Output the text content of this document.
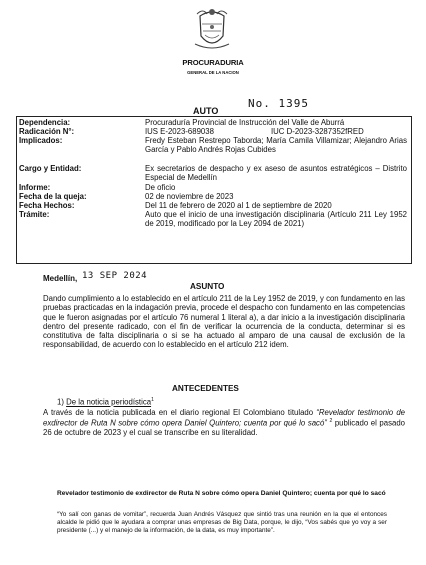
PROCURADURIA
GENERAL DE LA NACION
AUTO
No. 1395
Dependencia:	Procuraduría Provincial de Instrucción del Valle de Aburrá
Radicación N°:	IUS E-2023-689038	IUC D-2023-3287352fRED
Implicados:	Fredy Esteban Restrepo Taborda; María Camila Villamizar; Alejandro Arias García y Pablo Andrés Rojas Cubides
Cargo y Entidad:	Ex secretarios de despacho y ex aseso de asuntos estratégicos – Distrito Especial de Medellín
Informe:	De oficio
Fecha de la queja:	02 de noviembre de 2023
Fecha Hechos:	Del 11 de febrero de 2020 al 1 de septiembre de 2020
Trámite:	Auto que el inicio de una investigación disciplinaria (Artículo 211 Ley 1952 de 2019, modificado por la Ley 2094 de 2021)
Medellín, 13 SEP 2024
ASUNTO
Dando cumplimiento a lo establecido en el artículo 211 de la Ley 1952 de 2019, y con fundamento en las pruebas practicadas en la indagación previa, procede el despacho con fundamento en las competencias que le fueron asignadas por el artículo 76 numeral 1 literal a), a dar inicio a la investigación disciplinaria dentro del presente radicado, con el fin de verificar la ocurrencia de la conducta, determinar si es constitutiva de falta disciplinaria o si se ha actuado al amparo de una causal de exclusión de la responsabilidad, de acuerdo con lo establecido en el artículo 212 idem.
ANTECEDENTES
1) De la noticia periodística$^1$
A través de la noticia publicada en el diario regional El Colombiano titulado “Revelador testimonio de exdirector de Ruta N sobre cómo opera Daniel Quintero; cuenta por qué lo sacó” $^2$ publicado el pasado 26 de octubre de 2023 y el cual se transcribe en su literalidad.
Revelador testimonio de exdirector de Ruta N sobre cómo opera Daniel Quintero; cuenta por qué lo sacó
“Yo salí con ganas de vomitar”, recuerda Juan Andrés Vásquez que sintió tras una reunión en la que el entonces alcalde le pidió que le ayudara a comprar unas empresas de Big Data, porque, le dijo, “Vos sabés que yo voy a ser presidente (...) y el manejo de la información, de la data, es muy importante”.
